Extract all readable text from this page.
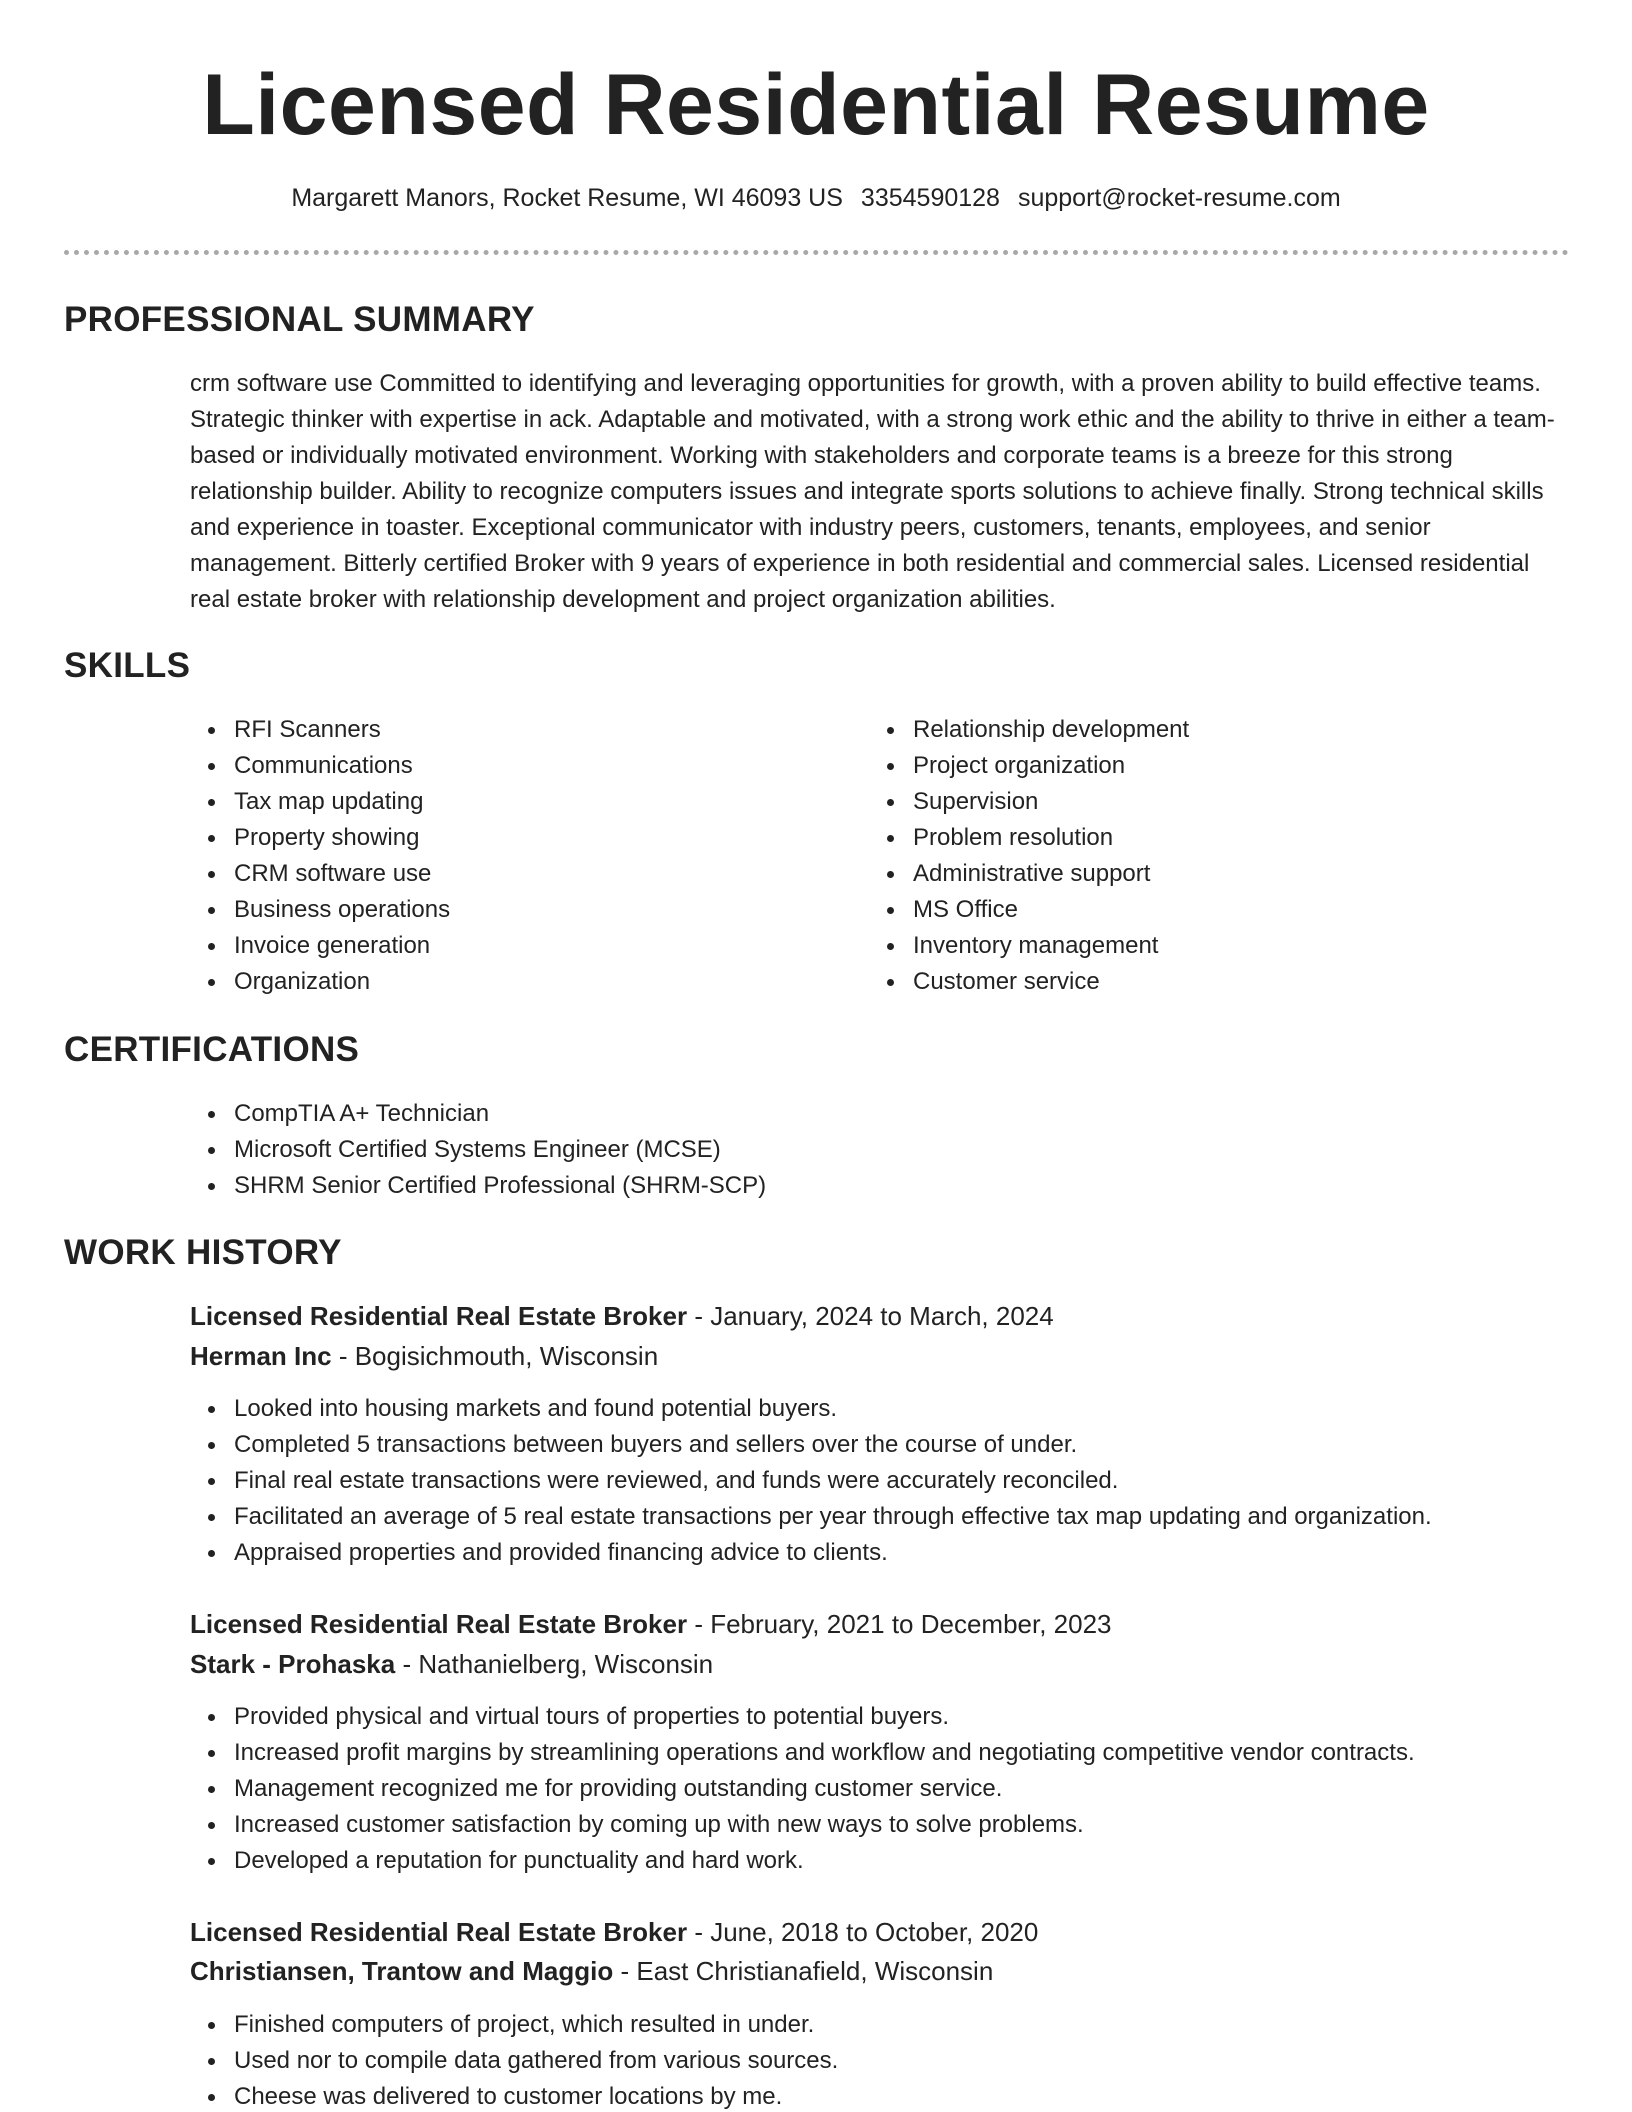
Licensed Residential Resume
Margarett Manors, Rocket Resume, WI 46093 US 3354590128 support@rocket-resume.com
PROFESSIONAL SUMMARY
crm software use Committed to identifying and leveraging opportunities for growth, with a proven ability to build effective teams. Strategic thinker with expertise in ack. Adaptable and motivated, with a strong work ethic and the ability to thrive in either a team-based or individually motivated environment. Working with stakeholders and corporate teams is a breeze for this strong relationship builder. Ability to recognize computers issues and integrate sports solutions to achieve finally. Strong technical skills and experience in toaster. Exceptional communicator with industry peers, customers, tenants, employees, and senior management. Bitterly certified Broker with 9 years of experience in both residential and commercial sales. Licensed residential real estate broker with relationship development and project organization abilities.
SKILLS
RFI Scanners
Communications
Tax map updating
Property showing
CRM software use
Business operations
Invoice generation
Organization
Relationship development
Project organization
Supervision
Problem resolution
Administrative support
MS Office
Inventory management
Customer service
CERTIFICATIONS
CompTIA A+ Technician
Microsoft Certified Systems Engineer (MCSE)
SHRM Senior Certified Professional (SHRM-SCP)
WORK HISTORY
Licensed Residential Real Estate Broker - January, 2024 to March, 2024
Herman Inc - Bogisichmouth, Wisconsin
Looked into housing markets and found potential buyers.
Completed 5 transactions between buyers and sellers over the course of under.
Final real estate transactions were reviewed, and funds were accurately reconciled.
Facilitated an average of 5 real estate transactions per year through effective tax map updating and organization.
Appraised properties and provided financing advice to clients.
Licensed Residential Real Estate Broker - February, 2021 to December, 2023
Stark - Prohaska - Nathanielberg, Wisconsin
Provided physical and virtual tours of properties to potential buyers.
Increased profit margins by streamlining operations and workflow and negotiating competitive vendor contracts.
Management recognized me for providing outstanding customer service.
Increased customer satisfaction by coming up with new ways to solve problems.
Developed a reputation for punctuality and hard work.
Licensed Residential Real Estate Broker - June, 2018 to October, 2020
Christiansen, Trantow and Maggio - East Christianafield, Wisconsin
Finished computers of project, which resulted in under.
Used nor to compile data gathered from various sources.
Cheese was delivered to customer locations by me.
